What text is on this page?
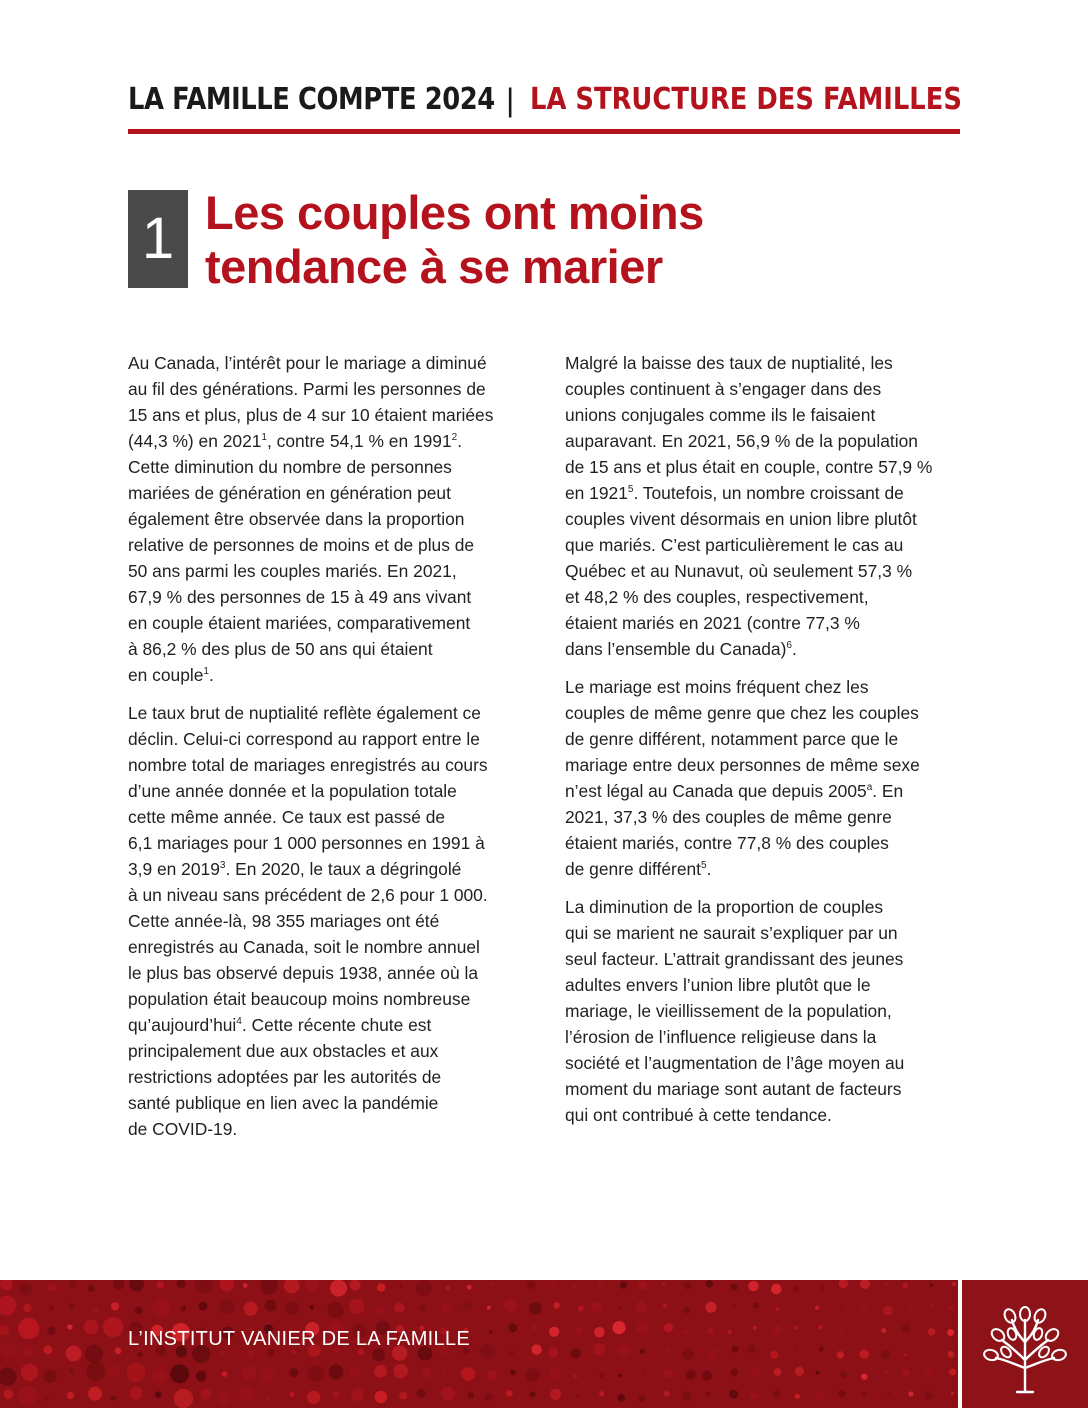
LA FAMILLE COMPTE 2024 | LA STRUCTURE DES FAMILLES
1 Les couples ont moins
tendance à se marier

Au Canada, l’intérêt pour le mariage a diminué
au fil des générations. Parmi les personnes de
15 ans et plus, plus de 4 sur 10 étaient mariées
(44,3 %) en 2021$^1$, contre 54,1 % en 1991$^2$.
Cette diminution du nombre de personnes
mariées de génération en génération peut
également être observée dans la proportion
relative de personnes de moins et de plus de
50 ans parmi les couples mariés. En 2021,
67,9 % des personnes de 15 à 49 ans vivant
en couple étaient mariées, comparativement
à 86,2 % des plus de 50 ans qui étaient
en couple$^1$.

Le taux brut de nuptialité reflète également ce
déclin. Celui-ci correspond au rapport entre le
nombre total de mariages enregistrés au cours
d’une année donnée et la population totale
cette même année. Ce taux est passé de
6,1 mariages pour 1 000 personnes en 1991 à
3,9 en 2019$^3$. En 2020, le taux a dégringolé
à un niveau sans précédent de 2,6 pour 1 000.
Cette année-là, 98 355 mariages ont été
enregistrés au Canada, soit le nombre annuel
le plus bas observé depuis 1938, année où la
population était beaucoup moins nombreuse
qu’aujourd’hui$^4$. Cette récente chute est
principalement due aux obstacles et aux
restrictions adoptées par les autorités de
santé publique en lien avec la pandémie
de COVID-19.

Malgré la baisse des taux de nuptialité, les
couples continuent à s’engager dans des
unions conjugales comme ils le faisaient
auparavant. En 2021, 56,9 % de la population
de 15 ans et plus était en couple, contre 57,9 %
en 1921$^5$. Toutefois, un nombre croissant de
couples vivent désormais en union libre plutôt
que mariés. C’est particulièrement le cas au
Québec et au Nunavut, où seulement 57,3 %
et 48,2 % des couples, respectivement,
étaient mariés en 2021 (contre 77,3 %
dans l’ensemble du Canada)$^6$.

Le mariage est moins fréquent chez les
couples de même genre que chez les couples
de genre différent, notamment parce que le
mariage entre deux personnes de même sexe
n’est légal au Canada que depuis 2005$^a$. En
2021, 37,3 % des couples de même genre
étaient mariés, contre 77,8 % des couples
de genre différent$^5$.

La diminution de la proportion de couples
qui se marient ne saurait s’expliquer par un
seul facteur. L’attrait grandissant des jeunes
adultes envers l’union libre plutôt que le
mariage, le vieillissement de la population,
l’érosion de l’influence religieuse dans la
société et l’augmentation de l’âge moyen au
moment du mariage sont autant de facteurs
qui ont contribué à cette tendance.

L’INSTITUT VANIER DE LA FAMILLE
